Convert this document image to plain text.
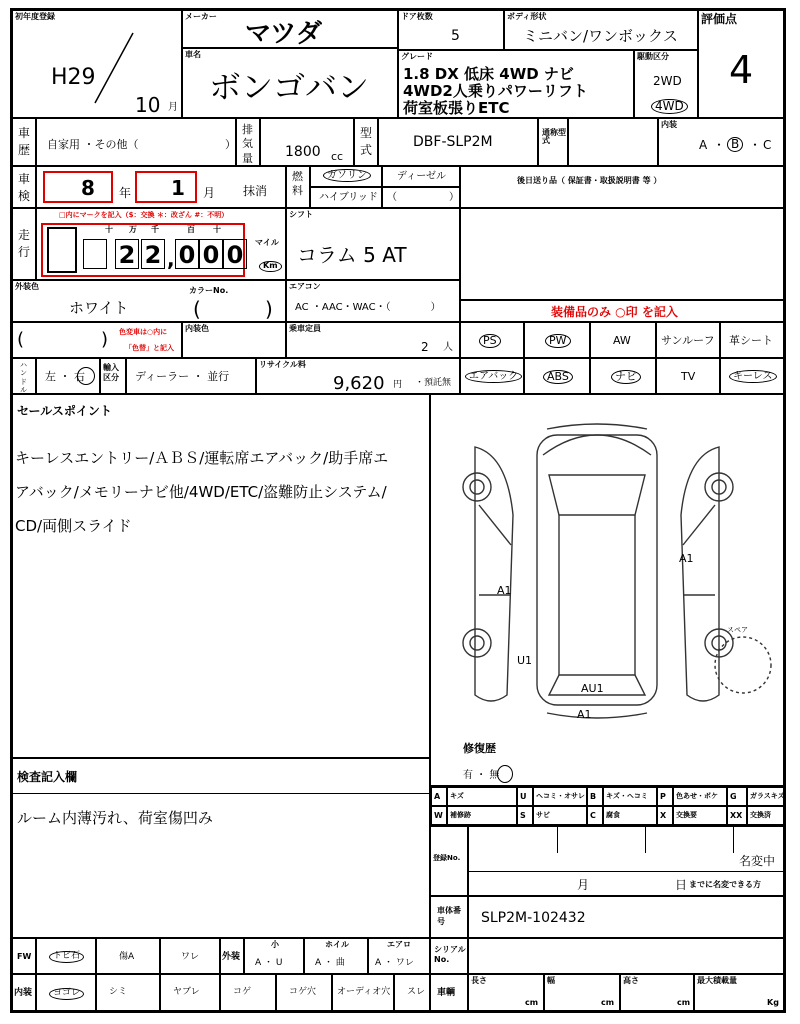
初年度登録
H29
10 月
メーカー
マツダ
車名
ボンゴバン
ドア枚数
5
ボディ形状
ミニバン/ワンボックス
グレード
1.8 DX 低床 4WD ナビ
4WD2人乗りパワーリフト
荷室板張りETC
駆動区分
2WD
4WD
評価点
4
車歴 自家用 ・その他（	）
排気量 1800 cc
型式	DBF-SLP2M
通称型式
内装
A ・ B ・ C
車検	8 年 1 月 抹消
燃料
ガソリン	ディーゼル
ハイブリッド （	）
後日送り品（ 保証書・取扱説明書 等 ）
走行
□内にマークを記入（$：交換 ＊：改ざん #：不明）
十 万 千	百 十
2 2 , 0 0 0	マイル
Km
シフト
コラム 5 AT
外装色
ホワイト
カラーNo.
(	)
エアコン
AC ・AAC・WAC・（　　　　）	装備品のみ ○印 を記入
(	) 色変車は○内に
「色替」と記入
内装色	乗車定員
2 人
PS	PW	AW	サンルーフ 革シート
ハンドル
左 ・ 右
輸入区分	ディーラー ・ 並行
リサイクル料
9,620 円 ・預託無
エアバック	ABS	ナビ	TV	キーレス
セールスポイント
キーレスエントリー/ＡＢＳ/運転席エアバック/助手席エ
アバック/メモリーナビ他/4WD/ETC/盗難防止システム/
CD/両側スライド
A1
A1
U1
AU1
A1
スペア
修復歴
有 ・ 無
検査記入欄
ルーム内薄汚れ、荷室傷凹み
A キズ	U ヘコミ・オサレ B キズ・ヘコミ P 色あせ・ボケ G ガラスキズ
W 補修跡	S サビ	C 腐食	X 交換要	XX 交換済
登録No.	名変中
月	日 までに名変できる方
車体番号	SLP2M-102432
FW	トビ石	傷A	ワレ	外装
小
A ・ U
ホイル
A ・ 曲
エアロ
A ・ ワレ
シリアルNo.
内装	ヨゴレ	シミ	ヤブレ	コゲ	コゲ穴 オーディオ穴 スレ 車輌
長さ
cm
幅
cm
高さ
cm
最大積載量
Kg
